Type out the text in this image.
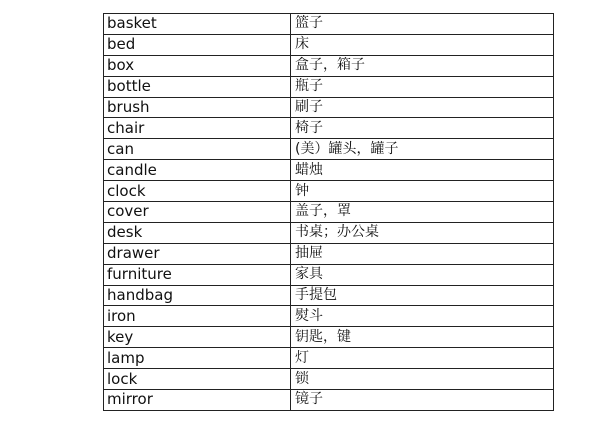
basket	篮子
bed	床
box	盒子，箱子
bottle	瓶子
brush	刷子
chair	椅子
can	(美）罐头，罐子
candle	蜡烛
clock	钟
cover	盖子，罩
desk	书桌；办公桌
drawer	抽屉
furniture	家具
handbag	手提包
iron	熨斗
key	钥匙，键
lamp	灯
lock	锁
mirror	镜子
